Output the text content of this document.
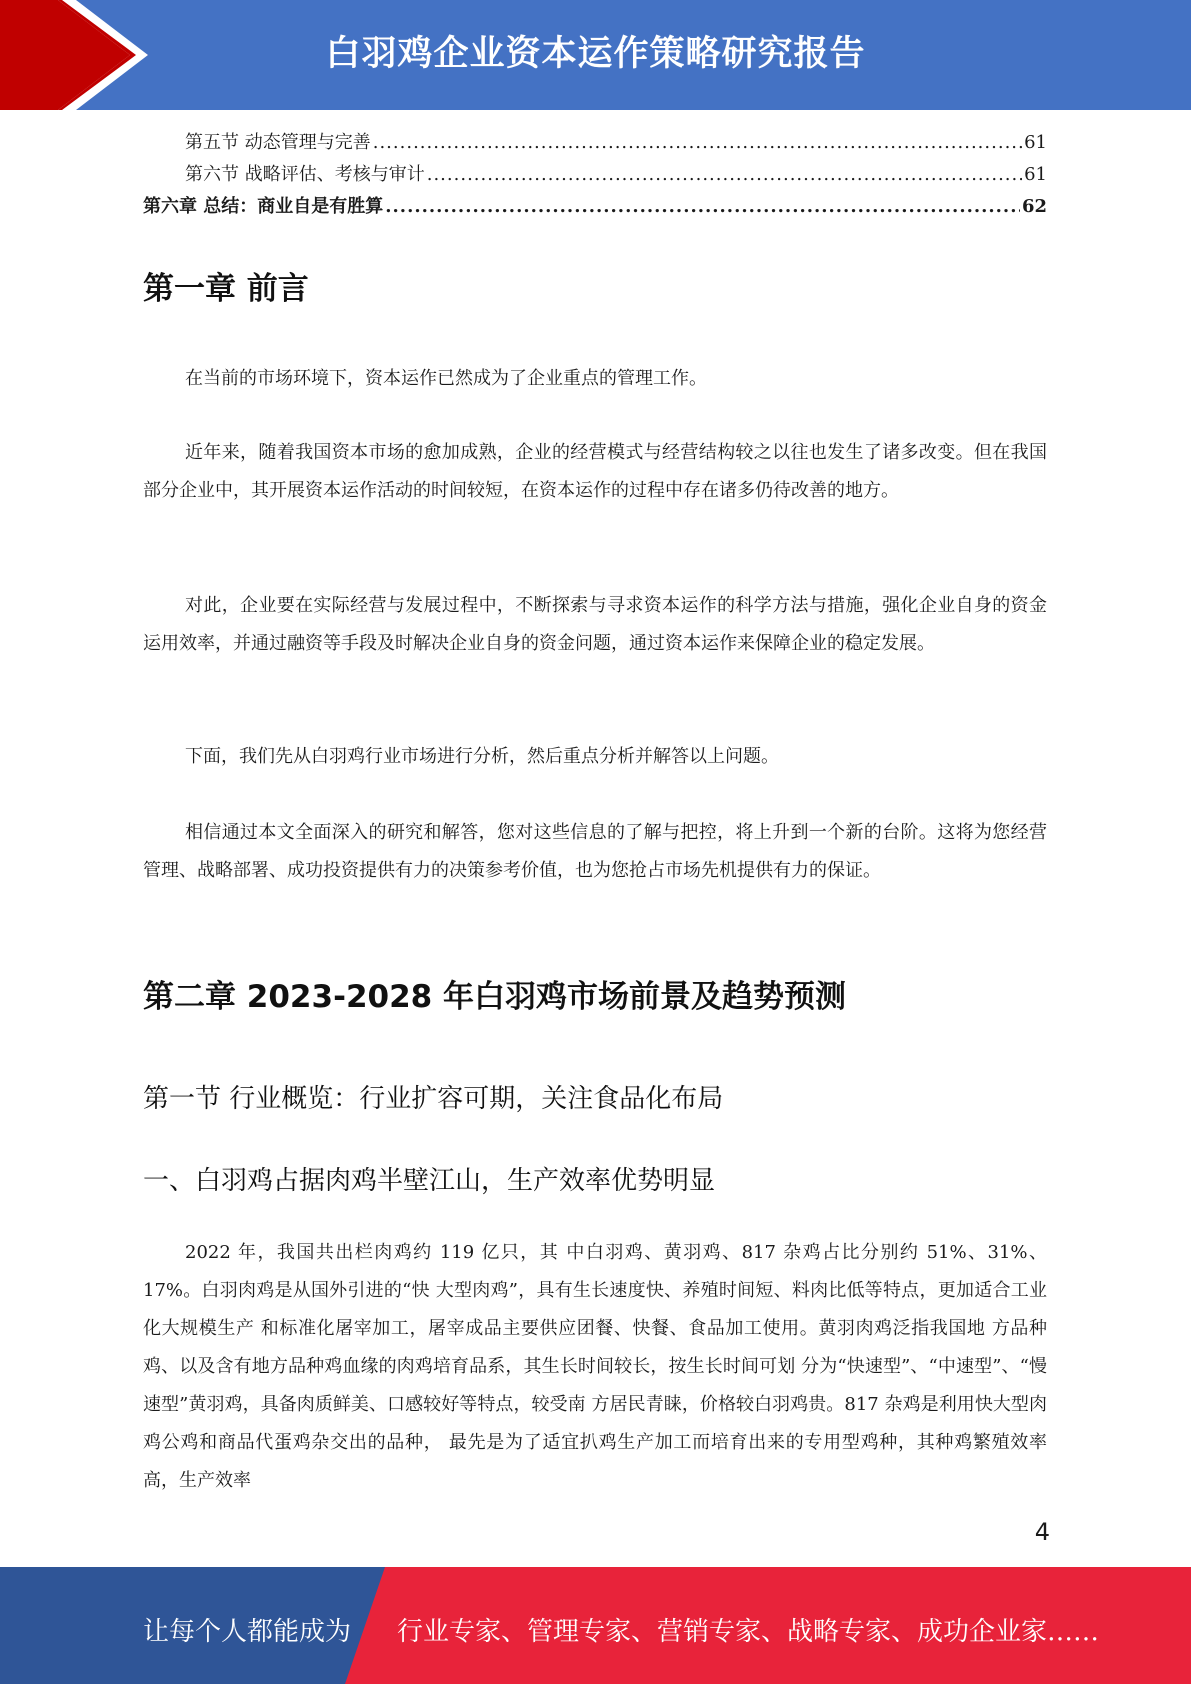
白羽鸡企业资本运作策略研究报告
第五节 动态管理与完善 .....	61
第六节 战略评估、考核与审计 .....	61
第六章 总结：商业自是有胜算 .....	62
第一章 前言

在当前的市场环境下，资本运作已然成为了企业重点的管理工作。

近年来，随着我国资本市场的愈加成熟，企业的经营模式与经营结构较之以往也发生了诸多改变。但在我国部分企业中，其开展资本运作活动的时间较短，在资本运作的过程中存在诸多仍待改善的地方。

对此，企业要在实际经营与发展过程中，不断探索与寻求资本运作的科学方法与措施，强化企业自身的资金运用效率，并通过融资等手段及时解决企业自身的资金问题，通过资本运作来保障企业的稳定发展。

下面，我们先从白羽鸡行业市场进行分析，然后重点分析并解答以上问题。

相信通过本文全面深入的研究和解答，您对这些信息的了解与把控，将上升到一个新的台阶。这将为您经营管理、战略部署、成功投资提供有力的决策参考价值，也为您抢占市场先机提供有力的保证。

第二章 2023-2028 年白羽鸡市场前景及趋势预测
第一节 行业概览：行业扩容可期，关注食品化布局
一、白羽鸡占据肉鸡半壁江山，生产效率优势明显

2022 年，我国共出栏肉鸡约 119 亿只，其 中白羽鸡、黄羽鸡、817 杂鸡占比分别约 51%、31%、17%。白羽肉鸡是从国外引进的“快 大型肉鸡”，具有生长速度快、养殖时间短、料肉比低等特点，更加适合工业化大规模生产 和标准化屠宰加工，屠宰成品主要供应团餐、快餐、食品加工使用。黄羽肉鸡泛指我国地 方品种鸡、以及含有地方品种鸡血缘的肉鸡培育品系，其生长时间较长，按生长时间可划 分为“快速型”、“中速型”、“慢速型”黄羽鸡，具备肉质鲜美、口感较好等特点，较受南 方居民青睐，价格较白羽鸡贵。817 杂鸡是利用快大型肉鸡公鸡和商品代蛋鸡杂交出的品种， 最先是为了适宜扒鸡生产加工而培育出来的专用型鸡种，其种鸡繁殖效率高，生产效率

4
让每个人都能成为 行业专家、管理专家、营销专家、战略专家、成功企业家……
